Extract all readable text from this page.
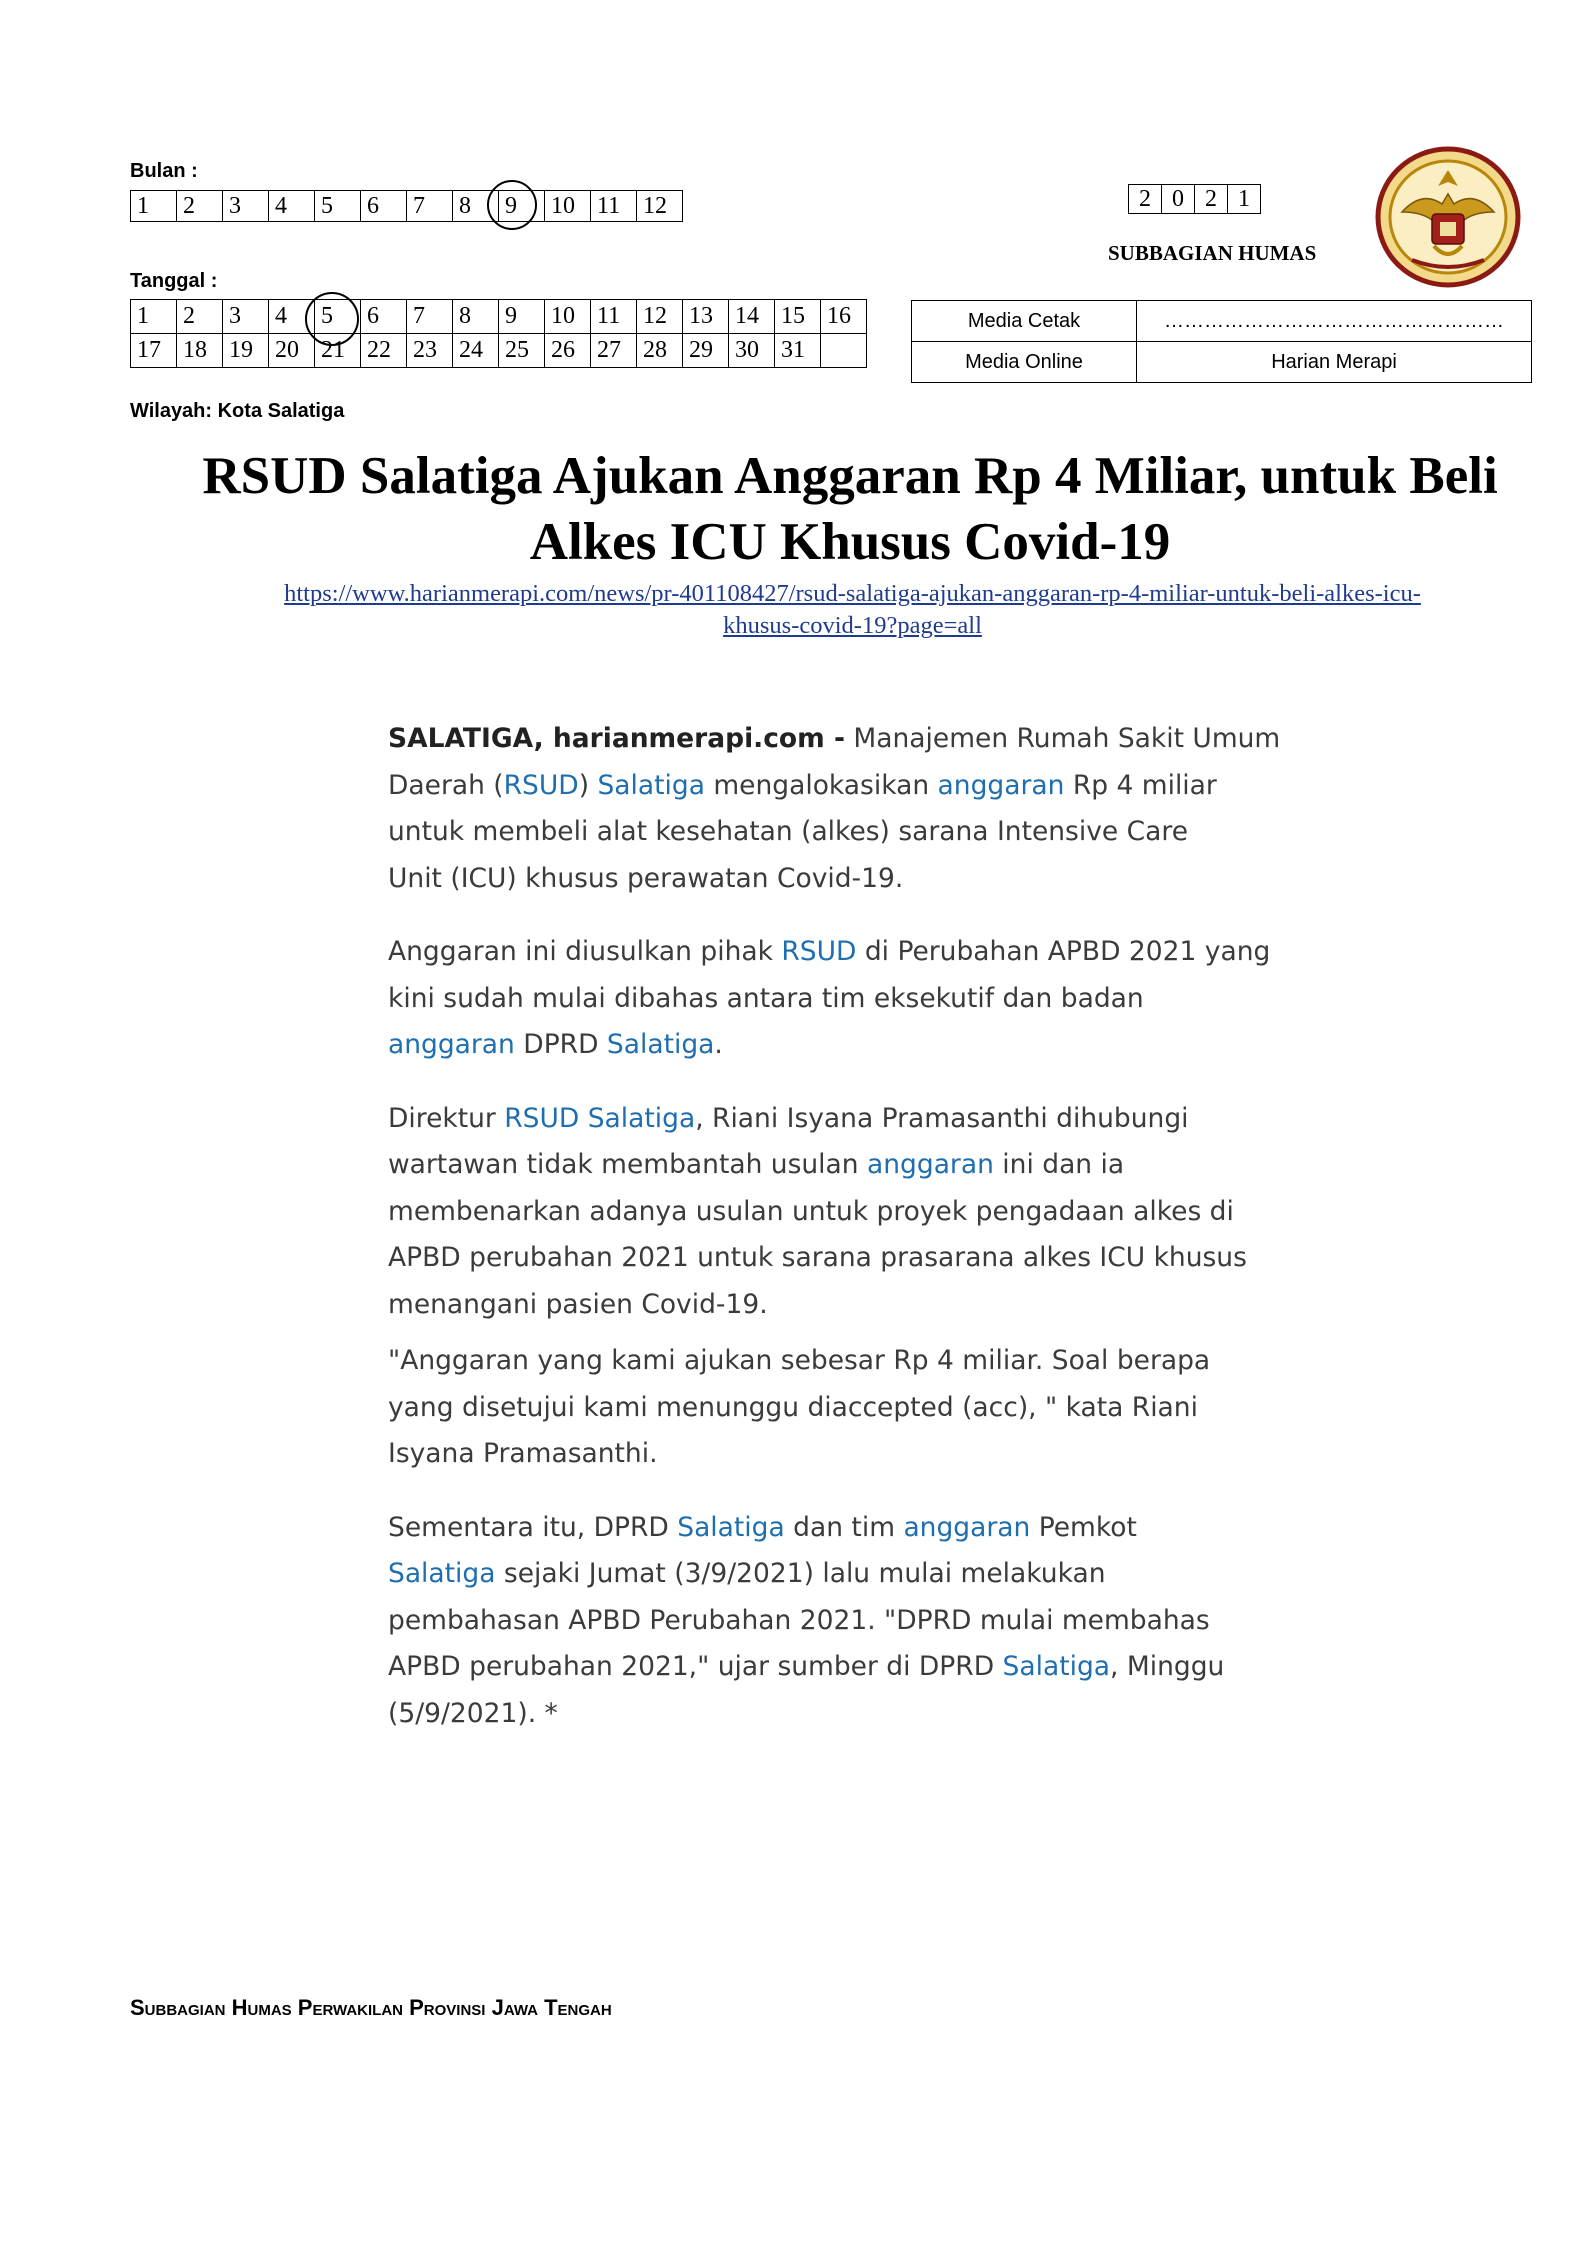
Bulan :
1	2	3	4	5	6	7	8	9	10	11	12
Tanggal :
1	2	3	4	5	6	7	8	9	10	11	12	13	14	15	16
17	18	19	20	21	22	23	24	25	26	27	28	29	30	31	
2	0	2	1
SUBBAGIAN HUMAS
Media Cetak	……………………………………………
Media Online	Harian Merapi
Wilayah: Kota Salatiga
RSUD Salatiga Ajukan Anggaran Rp 4 Miliar, untuk Beli
Alkes ICU Khusus Covid-19
https://www.harianmerapi.com/news/pr-401108427/rsud-salatiga-ajukan-anggaran-rp-4-miliar-untuk-beli-alkes-icu-
khusus-covid-19?page=all

SALATIGA, harianmerapi.com - Manajemen Rumah Sakit Umum
Daerah (RSUD) Salatiga mengalokasikan anggaran Rp 4 miliar
untuk membeli alat kesehatan (alkes) sarana Intensive Care
Unit (ICU) khusus perawatan Covid-19.

Anggaran ini diusulkan pihak RSUD di Perubahan APBD 2021 yang
kini sudah mulai dibahas antara tim eksekutif dan badan
anggaran DPRD Salatiga.

Direktur RSUD Salatiga, Riani Isyana Pramasanthi dihubungi
wartawan tidak membantah usulan anggaran ini dan ia
membenarkan adanya usulan untuk proyek pengadaan alkes di
APBD perubahan 2021 untuk sarana prasarana alkes ICU khusus
menangani pasien Covid-19.

"Anggaran yang kami ajukan sebesar Rp 4 miliar. Soal berapa
yang disetujui kami menunggu diaccepted (acc), " kata Riani
Isyana Pramasanthi.

Sementara itu, DPRD Salatiga dan tim anggaran Pemkot
Salatiga sejaki Jumat (3/9/2021) lalu mulai melakukan
pembahasan APBD Perubahan 2021. "DPRD mulai membahas
APBD perubahan 2021," ujar sumber di DPRD Salatiga, Minggu
(5/9/2021). *

Subbagian Humas Perwakilan Provinsi Jawa Tengah
